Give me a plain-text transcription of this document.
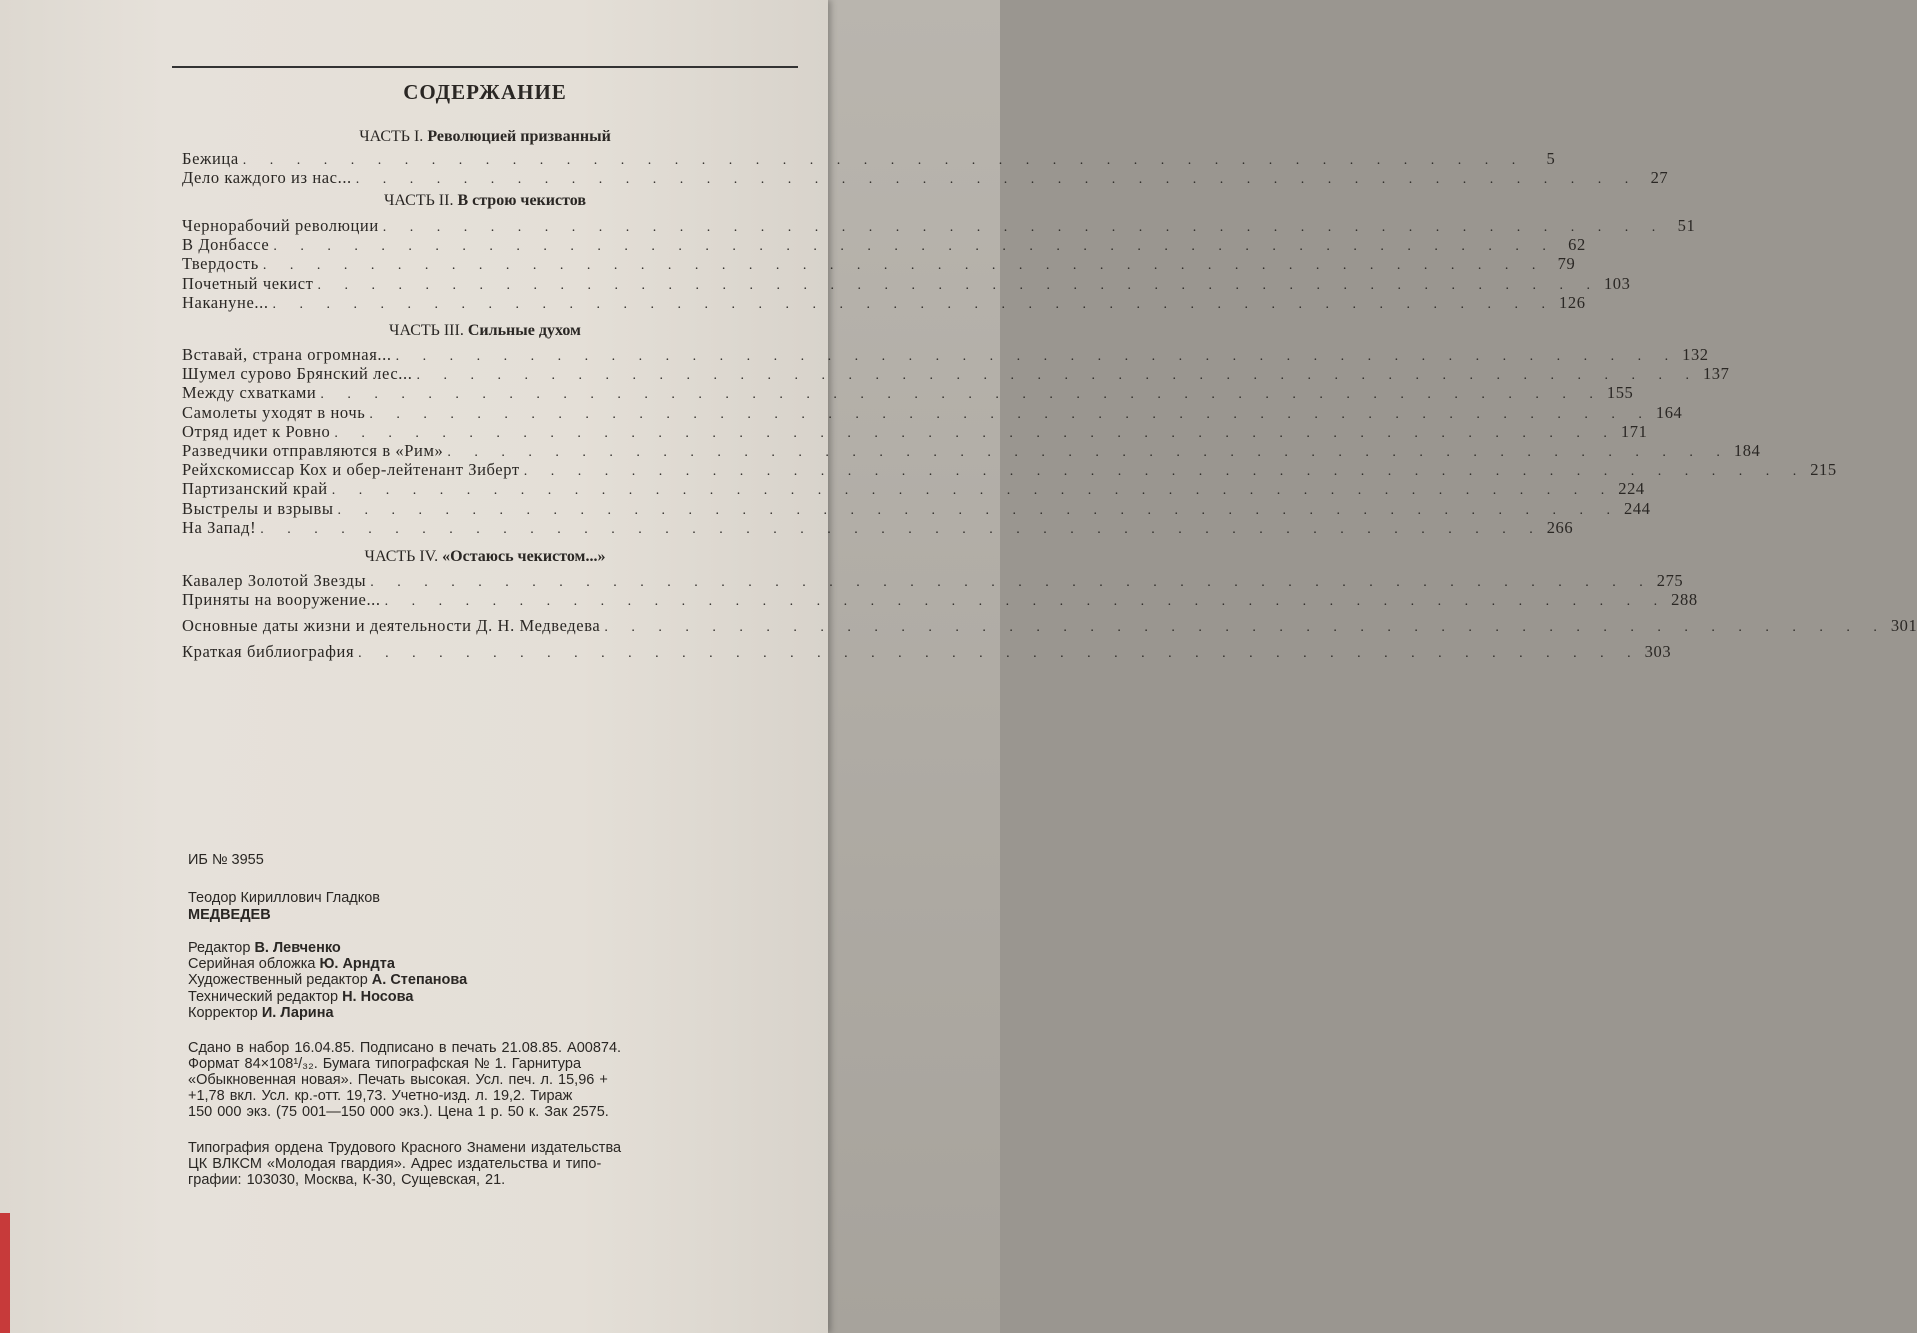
СОДЕРЖАНИЕ
ЧАСТЬ I. Революцией призванный
Бежица . . . . . . . . . . . . . . . . . . . . . . . . . . . . . . . . . . . . . . . . . . . . . . . .	5
Дело каждого из нас... . . . . . . . . . . . . . . . . . . . . . . . . . . . . . . . . . . . . . . . . . . . . . . . . 27
ЧАСТЬ II. В строю чекистов
Чернорабочий революции . . . . . . . . . . . . . . . . . . . . . . . . . . . . . . . . . . . . . . . . . . . . . . . . 51
В Донбассе . . . . . . . . . . . . . . . . . . . . . . . . . . . . . . . . . . . . . . . . . . . . . . . . 62
Твердость . . . . . . . . . . . . . . . . . . . . . . . . . . . . . . . . . . . . . . . . . . . . . . . . 79
Почетный чекист . . . . . . . . . . . . . . . . . . . . . . . . . . . . . . . . . . . . . . . . . . . . . . . . 103
Накануне... . . . . . . . . . . . . . . . . . . . . . . . . . . . . . . . . . . . . . . . . . . . . . . . . 126
ЧАСТЬ III. Сильные духом
Вставай, страна огромная... . . . . . . . . . . . . . . . . . . . . . . . . . . . . . . . . . . . . . . . . . . . . . . . . 132
Шумел сурово Брянский лес... . . . . . . . . . . . . . . . . . . . . . . . . . . . . . . . . . . . . . . . . . . . . . . . . 137
Между схватками . . . . . . . . . . . . . . . . . . . . . . . . . . . . . . . . . . . . . . . . . . . . . . . . 155
Самолеты уходят в ночь . . . . . . . . . . . . . . . . . . . . . . . . . . . . . . . . . . . . . . . . . . . . . . . . 164
Отряд идет к Ровно . . . . . . . . . . . . . . . . . . . . . . . . . . . . . . . . . . . . . . . . . . . . . . . . 171
Разведчики отправляются в «Рим» . . . . . . . . . . . . . . . . . . . . . . . . . . . . . . . . . . . . . . . . . . . . . . . . 184
Рейхскомиссар Кох и обер-лейтенант Зиберт . . . . . . . . . . . . . . . . . . . . . . . . . . . . . . . . . . . . . . . . . . . . . . . . 215
Партизанский край . . . . . . . . . . . . . . . . . . . . . . . . . . . . . . . . . . . . . . . . . . . . . . . . 224
Выстрелы и взрывы . . . . . . . . . . . . . . . . . . . . . . . . . . . . . . . . . . . . . . . . . . . . . . . . 244
На Запад! . . . . . . . . . . . . . . . . . . . . . . . . . . . . . . . . . . . . . . . . . . . . . . . . 266
ЧАСТЬ IV. «Остаюсь чекистом...»
Кавалер Золотой Звезды . . . . . . . . . . . . . . . . . . . . . . . . . . . . . . . . . . . . . . . . . . . . . . . . 275
Приняты на вооружение... . . . . . . . . . . . . . . . . . . . . . . . . . . . . . . . . . . . . . . . . . . . . . . . . 288
Основные даты жизни и деятельности Д. Н. Медведева . . . . . . . . . . . . . . . . . . . . . . . . . . . . . . . . . . . . . . . . . . . . . . . . 301
Краткая библиография . . . . . . . . . . . . . . . . . . . . . . . . . . . . . . . . . . . . . . . . . . . . . . . . 303
ИБ № 3955
Теодор Кириллович Гладков
МЕДВЕДЕВ
Редактор В. Левченко
Серийная обложка Ю. Арндта
Художественный редактор А. Степанова
Технический редактор Н. Носова
Корректор И. Ларина
Сдано в набор 16.04.85. Подписано в печать 21.08.85. А00874.
Формат 84×108¹/₃₂. Бумага типографская № 1. Гарнитура
«Обыкновенная новая». Печать высокая. Усл. печ. л. 15,96 +
+1,78 вкл. Усл. кр.-отт. 19,73. Учетно-изд. л. 19,2. Тираж
150 000 экз. (75 001—150 000 экз.). Цена 1 р. 50 к. Зак 2575.
Типография ордена Трудового Красного Знамени издательства
ЦК ВЛКСМ «Молодая гвардия». Адрес издательства и типо-
графии: 103030, Москва, К-30, Сущевская, 21.
